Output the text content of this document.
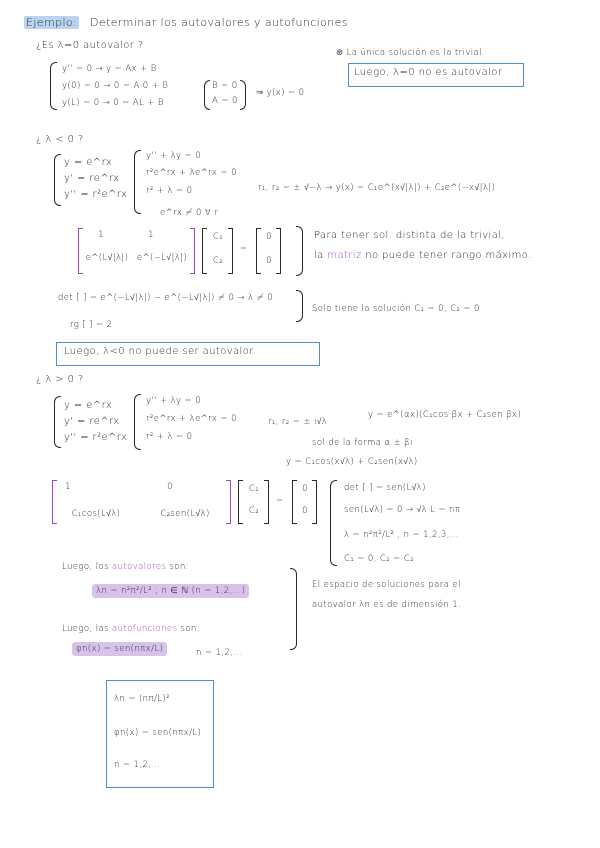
Ejemplo: Determinar los autovalores y autofunciones
¿Es λ=0 autovalor ?
y'' = 0 → y = Ax + B
y(0) = 0 → 0 = A·0 + B
y(L) = 0 → 0 = AL + B
B = 0
A = 0
⇒ y(x) = 0
⊛ La única solución es la trivial.
Luego, λ=0 no es autovalor
¿ λ < 0 ?
y = e^rx
y' = re^rx
y'' = r²e^rx
y'' + λy = 0
r²e^rx + λe^rx = 0
r² + λ = 0
e^rx ≠ 0 ∀ r
r₁, r₂ = ± √−λ → y(x) = C₁e^(x√|λ|) + C₂e^(−x√|λ|)
1	1
e^(L√|λ|) e^(−L√|λ|)
C₁
C₂
=
0
0
Para tener sol. distinta de la trivial,
la matriz no puede tener rango máximo.
det [ ] = e^(−L√|λ|) − e^(−L√|λ|) ≠ 0 → λ ≠ 0
rg [ ] = 2
Solo tiene la solución C₁ = 0, C₂ = 0
Luego, λ<0 no puede ser autovalor.
¿ λ > 0 ?
y = e^rx
y' = re^rx
y'' = r²e^rx
y'' + λy = 0
r²e^rx + λe^rx = 0
r² + λ = 0
r₁, r₂ = ± i√λ
y = e^(αx)(C₁cos βx + C₂sen βx)
sol de la forma α ± βi
y = C₁cos(x√λ) + C₂sen(x√λ)
1	0
C₁cos(L√λ)	C₂sen(L√λ)
C₁
C₂
=
0
0
det [ ] = sen(L√λ)
sen(L√λ) = 0 → √λ L = nπ
λ = n²π²/L² , n = 1,2,3,…
C₁ = 0, C₂ = C₂
Luego, los autovalores son:
λn = n²π²/L² ; n ∈ ℕ (n = 1,2,…)
Luego, las autofunciones son:
φn(x) = sen(nπx/L)	n = 1,2,…
El espacio de soluciones para el
autovalor λn es de dimensión 1.
λn = (nπ/L)²
φn(x) = sen(nπx/L)
n = 1,2,…
